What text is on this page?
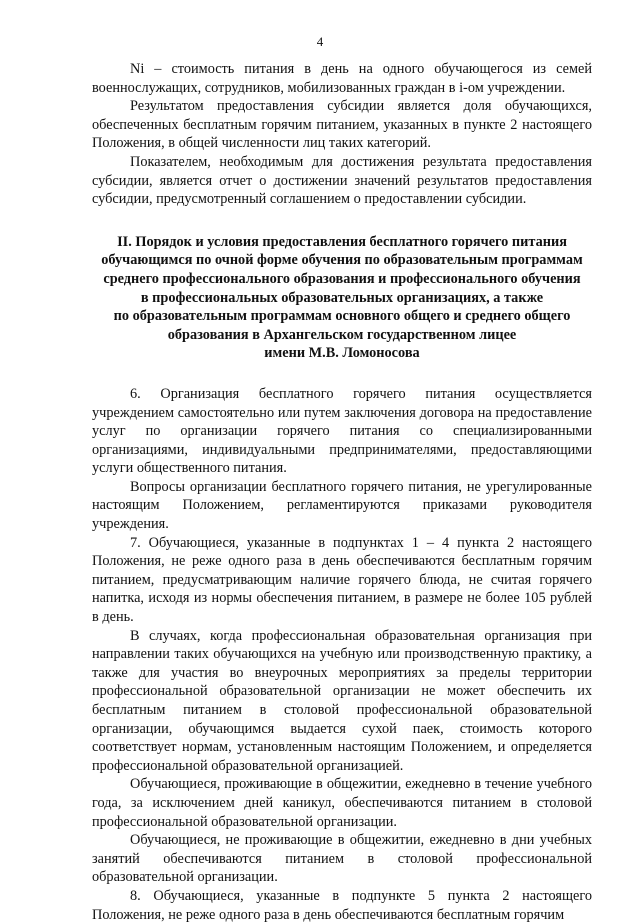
4

Ni – стоимость питания в день на одного обучающегося из семей военнослужащих, сотрудников, мобилизованных граждан в i-ом учреждении.

Результатом предоставления субсидии является доля обучающихся, обеспеченных бесплатным горячим питанием, указанных в пункте 2 настоящего Положения, в общей численности лиц таких категорий.

Показателем, необходимым для достижения результата предоставления субсидии, является отчет о достижении значений результатов предоставления субсидии, предусмотренный соглашением о предоставлении субсидии.

II. Порядок и условия предоставления бесплатного горячего питания
обучающимся по очной форме обучения по образовательным программам
среднего профессионального образования и профессионального обучения
в профессиональных образовательных организациях, а также
по образовательным программам основного общего и среднего общего
образования в Архангельском государственном лицее
имени М.В. Ломоносова

6. Организация бесплатного горячего питания осуществляется учреждением самостоятельно или путем заключения договора на предоставление услуг по организации горячего питания со специализированными организациями, индивидуальными предпринимателями, предоставляющими услуги общественного питания.

Вопросы организации бесплатного горячего питания, не урегулированные настоящим Положением, регламентируются приказами руководителя учреждения.

7. Обучающиеся, указанные в подпунктах 1 – 4 пункта 2 настоящего Положения, не реже одного раза в день обеспечиваются бесплатным горячим питанием, предусматривающим наличие горячего блюда, не считая горячего напитка, исходя из нормы обеспечения питанием, в размере не более 105 рублей в день.

В случаях, когда профессиональная образовательная организация при направлении таких обучающихся на учебную или производственную практику, а также для участия во внеурочных мероприятиях за пределы территории профессиональной образовательной организации не может обеспечить их бесплатным питанием в столовой профессиональной образовательной организации, обучающимся выдается сухой паек, стоимость которого соответствует нормам, установленным настоящим Положением, и определяется профессиональной образовательной организацией.

Обучающиеся, проживающие в общежитии, ежедневно в течение учебного года, за исключением дней каникул, обеспечиваются питанием в столовой профессиональной образовательной организации.

Обучающиеся, не проживающие в общежитии, ежедневно в дни учебных занятий обеспечиваются питанием в столовой профессиональной образовательной организации.

8. Обучающиеся, указанные в подпункте 5 пункта 2 настоящего Положения, не реже одного раза в день обеспечиваются бесплатным горячим
